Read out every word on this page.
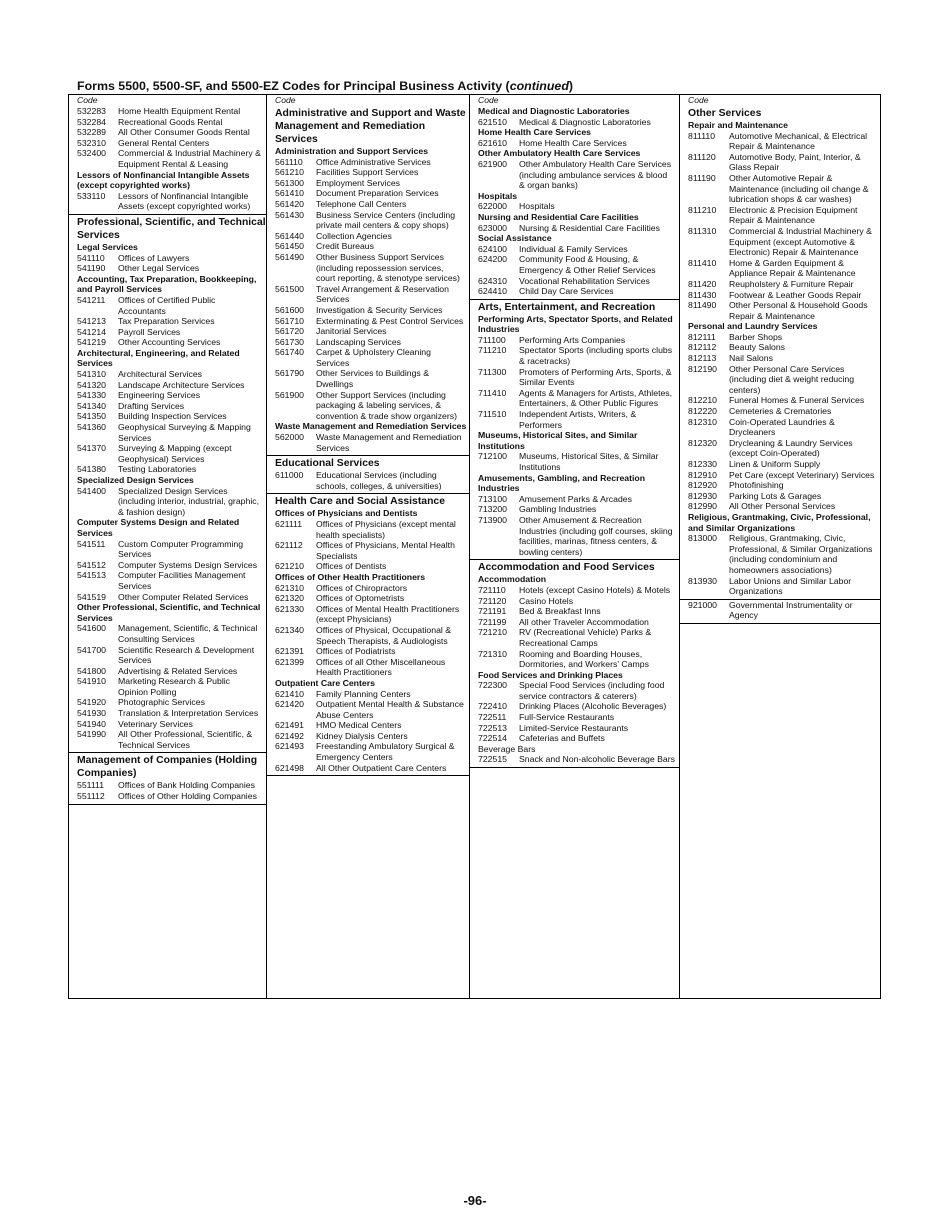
Forms 5500, 5500-SF, and 5500-EZ Codes for Principal Business Activity (continued)
Code
532283	Home Health Equipment Rental
532284	Recreational Goods Rental
532289	All Other Consumer Goods Rental
532310	General Rental Centers
532400	Commercial & Industrial Machinery & Equipment Rental & Leasing
Lessors of Nonfinancial Intangible Assets (except copyrighted works)
533110	Lessors of Nonfinancial Intangible Assets (except copyrighted works)
Professional, Scientific, and Technical Services
Legal Services
541110	Offices of Lawyers
541190	Other Legal Services
Accounting, Tax Preparation, Bookkeeping, and Payroll Services
541211	Offices of Certified Public Accountants
541213	Tax Preparation Services
541214	Payroll Services
541219	Other Accounting Services
Architectural, Engineering, and Related Services
541310	Architectural Services
541320	Landscape Architecture Services
541330	Engineering Services
541340	Drafting Services
541350	Building Inspection Services
541360	Geophysical Surveying & Mapping Services
541370	Surveying & Mapping (except Geophysical) Services
541380	Testing Laboratories
Specialized Design Services
541400	Specialized Design Services (including interior, industrial, graphic, & fashion design)
Computer Systems Design and Related Services
541511	Custom Computer Programming Services
541512	Computer Systems Design Services
541513	Computer Facilities Management Services
541519	Other Computer Related Services
Other Professional, Scientific, and Technical Services
541600	Management, Scientific, & Technical Consulting Services
541700	Scientific Research & Development Services
541800	Advertising & Related Services
541910	Marketing Research & Public Opinion Polling
541920	Photographic Services
541930	Translation & Interpretation Services
541940	Veterinary Services
541990	All Other Professional, Scientific, & Technical Services
Management of Companies (Holding Companies)
551111	Offices of Bank Holding Companies
551112	Offices of Other Holding Companies
Code
Administrative and Support and Waste Management and Remediation Services
Administration and Support Services
561110	Office Administrative Services
561210	Facilities Support Services
561300	Employment Services
561410	Document Preparation Services
561420	Telephone Call Centers
561430	Business Service Centers (including private mail centers & copy shops)
561440	Collection Agencies
561450	Credit Bureaus
561490	Other Business Support Services (including repossession services, court reporting, & stenotype services)
561500	Travel Arrangement & Reservation Services
561600	Investigation & Security Services
561710	Exterminating & Pest Control Services
561720	Janitorial Services
561730	Landscaping Services
561740	Carpet & Upholstery Cleaning Services
561790	Other Services to Buildings & Dwellings
561900	Other Support Services (including packaging & labeling services, & convention & trade show organizers)
Waste Management and Remediation Services
562000	Waste Management and Remediation Services
Educational Services
611000	Educational Services (including schools, colleges, & universities)
Health Care and Social Assistance
Offices of Physicians and Dentists
621111	Offices of Physicians (except mental health specialists)
621112	Offices of Physicians, Mental Health Specialists
621210	Offices of Dentists
Offices of Other Health Practitioners
621310	Offices of Chiropractors
621320	Offices of Optometrists
621330	Offices of Mental Health Practitioners (except Physicians)
621340	Offices of Physical, Occupational & Speech Therapists, & Audiologists
621391	Offices of Podiatrists
621399	Offices of all Other Miscellaneous Health Practitioners
Outpatient Care Centers
621410	Family Planning Centers
621420	Outpatient Mental Health & Substance Abuse Centers
621491	HMO Medical Centers
621492	Kidney Dialysis Centers
621493	Freestanding Ambulatory Surgical & Emergency Centers
621498	All Other Outpatient Care Centers
Code
Medical and Diagnostic Laboratories
621510	Medical & Diagnostic Laboratories
Home Health Care Services
621610	Home Health Care Services
Other Ambulatory Health Care Services
621900	Other Ambulatory Health Care Services (including ambulance services & blood & organ banks)
Hospitals
622000	Hospitals
Nursing and Residential Care Facilities
623000	Nursing & Residential Care Facilities
Social Assistance
624100	Individual & Family Services
624200	Community Food & Housing, & Emergency & Other Relief Services
624310	Vocational Rehabilitation Services
624410	Child Day Care Services
Arts, Entertainment, and Recreation
Performing Arts, Spectator Sports, and Related Industries
711100	Performing Arts Companies
711210	Spectator Sports (including sports clubs & racetracks)
711300	Promoters of Performing Arts, Sports, & Similar Events
711410	Agents & Managers for Artists, Athletes, Entertainers, & Other Public Figures
711510	Independent Artists, Writers, & Performers
Museums, Historical Sites, and Similar Institutions
712100	Museums, Historical Sites, & Similar Institutions
Amusements, Gambling, and Recreation Industries
713100	Amusement Parks & Arcades
713200	Gambling Industries
713900	Other Amusement & Recreation Industries (including golf courses, skiing facilities, marinas, fitness centers, & bowling centers)
Accommodation and Food Services
Accommodation
721110	Hotels (except Casino Hotels) & Motels
721120	Casino Hotels
721191	Bed & Breakfast Inns
721199	All other Traveler Accommodation
721210	RV (Recreational Vehicle) Parks & Recreational Camps
721310	Rooming and Boarding Houses, Dormitories, and Workers' Camps
Food Services and Drinking Places
722300	Special Food Services (including food service contractors & caterers)
722410	Drinking Places (Alcoholic Beverages)
722511	Full-Service Restaurants
722513	Limited-Service Restaurants
722514	Cafeterias and Buffets
Beverage Bars
722515	Snack and Non-alcoholic Beverage Bars
Code
Other Services
Repair and Maintenance
811110	Automotive Mechanical, & Electrical Repair & Maintenance
811120	Automotive Body, Paint, Interior, & Glass Repair
811190	Other Automotive Repair & Maintenance (including oil change & lubrication shops & car washes)
811210	Electronic & Precision Equipment Repair & Maintenance
811310	Commercial & Industrial Machinery & Equipment (except Automotive & Electronic) Repair & Maintenance
811410	Home & Garden Equipment & Appliance Repair & Maintenance
811420	Reupholstery & Furniture Repair
811430	Footwear & Leather Goods Repair
811490	Other Personal & Household Goods Repair & Maintenance
Personal and Laundry Services
812111	Barber Shops
812112	Beauty Salons
812113	Nail Salons
812190	Other Personal Care Services (including diet & weight reducing centers)
812210	Funeral Homes & Funeral Services
812220	Cemeteries & Crematories
812310	Coin-Operated Laundries & Drycleaners
812320	Drycleaning & Laundry Services (except Coin-Operated)
812330	Linen & Uniform Supply
812910	Pet Care (except Veterinary) Services
812920	Photofinishing
812930	Parking Lots & Garages
812990	All Other Personal Services
Religious, Grantmaking, Civic, Professional, and Similar Organizations
813000	Religious, Grantmaking, Civic, Professional, & Similar Organizations (including condominium and homeowners associations)
813930	Labor Unions and Similar Labor Organizations
921000	Governmental Instrumentality or Agency
-96-
